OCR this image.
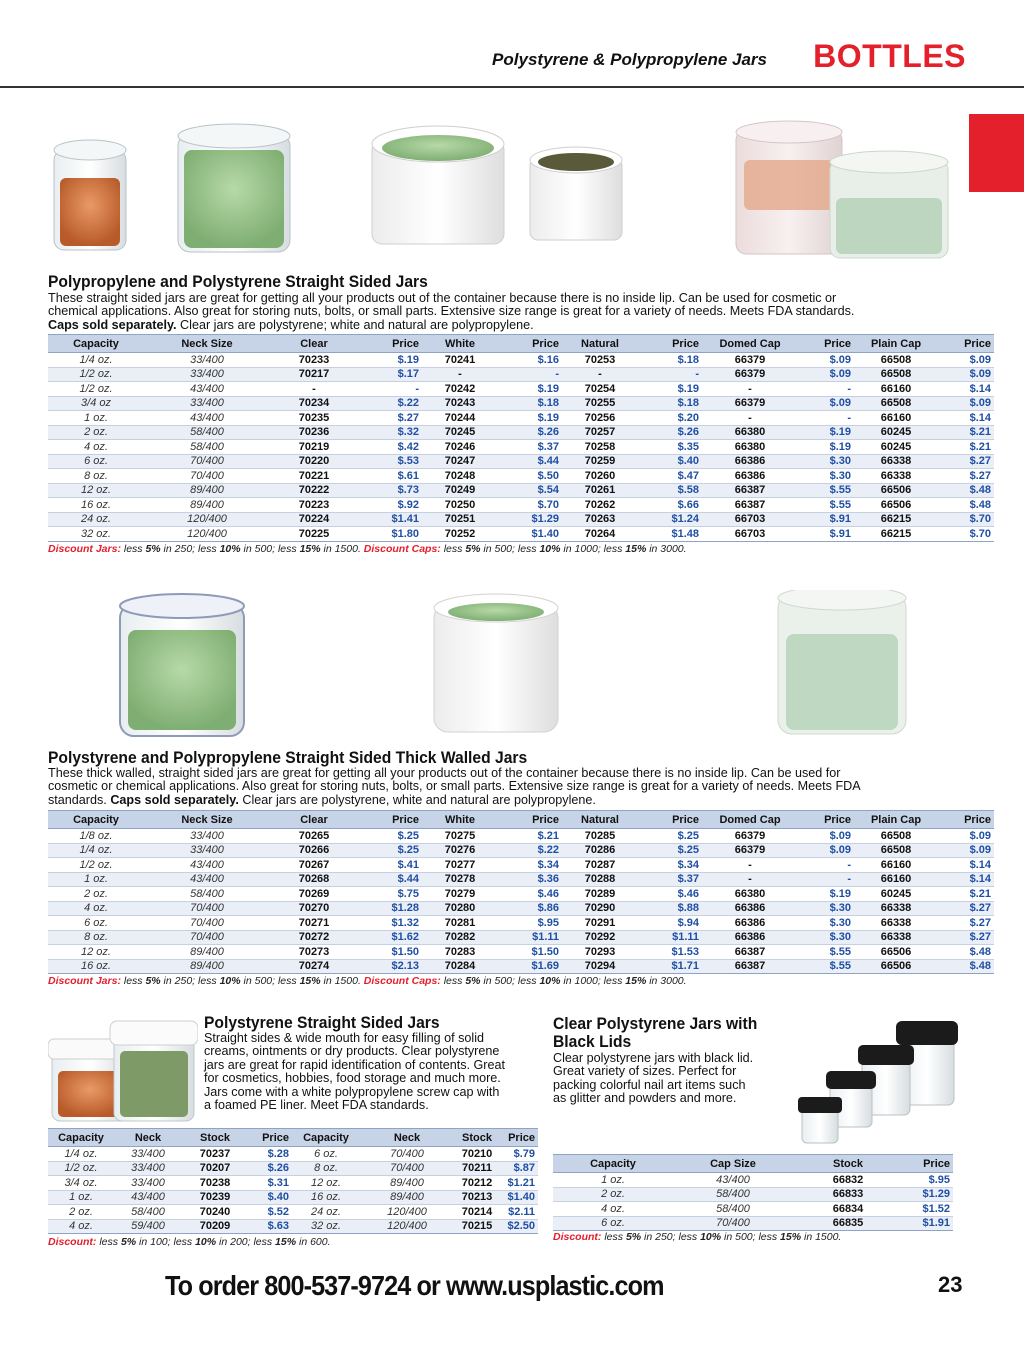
Polystyrene & Polypropylene Jars BOTTLES
Polypropylene and Polystyrene Straight Sided Jars
These straight sided jars are great for getting all your products out of the container because there is no inside lip. Can be used for cosmetic or
chemical applications. Also great for storing nuts, bolts, or small parts. Extensive size range is great for a variety of needs. Meets FDA standards.
Caps sold separately. Clear jars are polystyrene; white and natural are polypropylene.
Capacity	Neck Size	Clear	Price	White	Price	Natural	Price	Domed Cap	Price	Plain Cap	Price
1/4 oz.	33/400	70233	$.19	70241	$.16	70253	$.18	66379	$.09	66508	$.09
1/2 oz.	33/400	70217	$.17	-	-	-	-	66379	$.09	66508	$.09
1/2 oz.	43/400	-	-	70242	$.19	70254	$.19	-	-	66160	$.14
3/4 oz	33/400	70234	$.22	70243	$.18	70255	$.18	66379	$.09	66508	$.09
1 oz.	43/400	70235	$.27	70244	$.19	70256	$.20	-	-	66160	$.14
2 oz.	58/400	70236	$.32	70245	$.26	70257	$.26	66380	$.19	60245	$.21
4 oz.	58/400	70219	$.42	70246	$.37	70258	$.35	66380	$.19	60245	$.21
6 oz.	70/400	70220	$.53	70247	$.44	70259	$.40	66386	$.30	66338	$.27
8 oz.	70/400	70221	$.61	70248	$.50	70260	$.47	66386	$.30	66338	$.27
12 oz.	89/400	70222	$.73	70249	$.54	70261	$.58	66387	$.55	66506	$.48
16 oz.	89/400	70223	$.92	70250	$.70	70262	$.66	66387	$.55	66506	$.48
24 oz.	120/400	70224	$1.41	70251	$1.29	70263	$1.24	66703	$.91	66215	$.70
32 oz.	120/400	70225	$1.80	70252	$1.40	70264	$1.48	66703	$.91	66215	$.70
Discount Jars: less 5% in 250; less 10% in 500; less 15% in 1500. Discount Caps: less 5% in 500; less 10% in 1000; less 15% in 3000.
Polystyrene and Polypropylene Straight Sided Thick Walled Jars
These thick walled, straight sided jars are great for getting all your products out of the container because there is no inside lip. Can be used for
cosmetic or chemical applications. Also great for storing nuts, bolts, or small parts. Extensive size range is great for a variety of needs. Meets FDA
standards. Caps sold separately. Clear jars are polystyrene, white and natural are polypropylene.
Capacity	Neck Size	Clear	Price	White	Price	Natural	Price	Domed Cap	Price	Plain Cap	Price
1/8 oz.	33/400	70265	$.25	70275	$.21	70285	$.25	66379	$.09	66508	$.09
1/4 oz.	33/400	70266	$.25	70276	$.22	70286	$.25	66379	$.09	66508	$.09
1/2 oz.	43/400	70267	$.41	70277	$.34	70287	$.34	-	-	66160	$.14
1 oz.	43/400	70268	$.44	70278	$.36	70288	$.37	-	-	66160	$.14
2 oz.	58/400	70269	$.75	70279	$.46	70289	$.46	66380	$.19	60245	$.21
4 oz.	70/400	70270	$1.28	70280	$.86	70290	$.88	66386	$.30	66338	$.27
6 oz.	70/400	70271	$1.32	70281	$.95	70291	$.94	66386	$.30	66338	$.27
8 oz.	70/400	70272	$1.62	70282	$1.11	70292	$1.11	66386	$.30	66338	$.27
12 oz.	89/400	70273	$1.50	70283	$1.50	70293	$1.53	66387	$.55	66506	$.48
16 oz.	89/400	70274	$2.13	70284	$1.69	70294	$1.71	66387	$.55	66506	$.48
Discount Jars: less 5% in 250; less 10% in 500; less 15% in 1500. Discount Caps: less 5% in 500; less 10% in 1000; less 15% in 3000.
Polystyrene Straight Sided Jars
Straight sides & wide mouth for easy filling of solid
creams, ointments or dry products. Clear polystyrene
jars are great for rapid identification of contents. Great
for cosmetics, hobbies, food storage and much more.
Jars come with a white polypropylene screw cap with
a foamed PE liner. Meet FDA standards.
Capacity	Neck	Stock	Price	Capacity	Neck	Stock	Price
1/4 oz.	33/400	70237	$.28	6 oz.	70/400	70210	$.79
1/2 oz.	33/400	70207	$.26	8 oz.	70/400	70211	$.87
3/4 oz.	33/400	70238	$.31	12 oz.	89/400	70212	$1.21
1 oz.	43/400	70239	$.40	16 oz.	89/400	70213	$1.40
2 oz.	58/400	70240	$.52	24 oz.	120/400	70214	$2.11
4 oz.	59/400	70209	$.63	32 oz.	120/400	70215	$2.50
Discount: less 5% in 100; less 10% in 200; less 15% in 600.
Clear Polystyrene Jars with
Black Lids
Clear polystyrene jars with black lid.
Great variety of sizes. Perfect for
packing colorful nail art items such
as glitter and powders and more.
Capacity	Cap Size	Stock	Price
1 oz.	43/400	66832	$.95
2 oz.	58/400	66833	$1.29
4 oz.	58/400	66834	$1.52
6 oz.	70/400	66835	$1.91
Discount: less 5% in 250; less 10% in 500; less 15% in 1500.
To order 800-537-9724 or www.usplastic.com	23
